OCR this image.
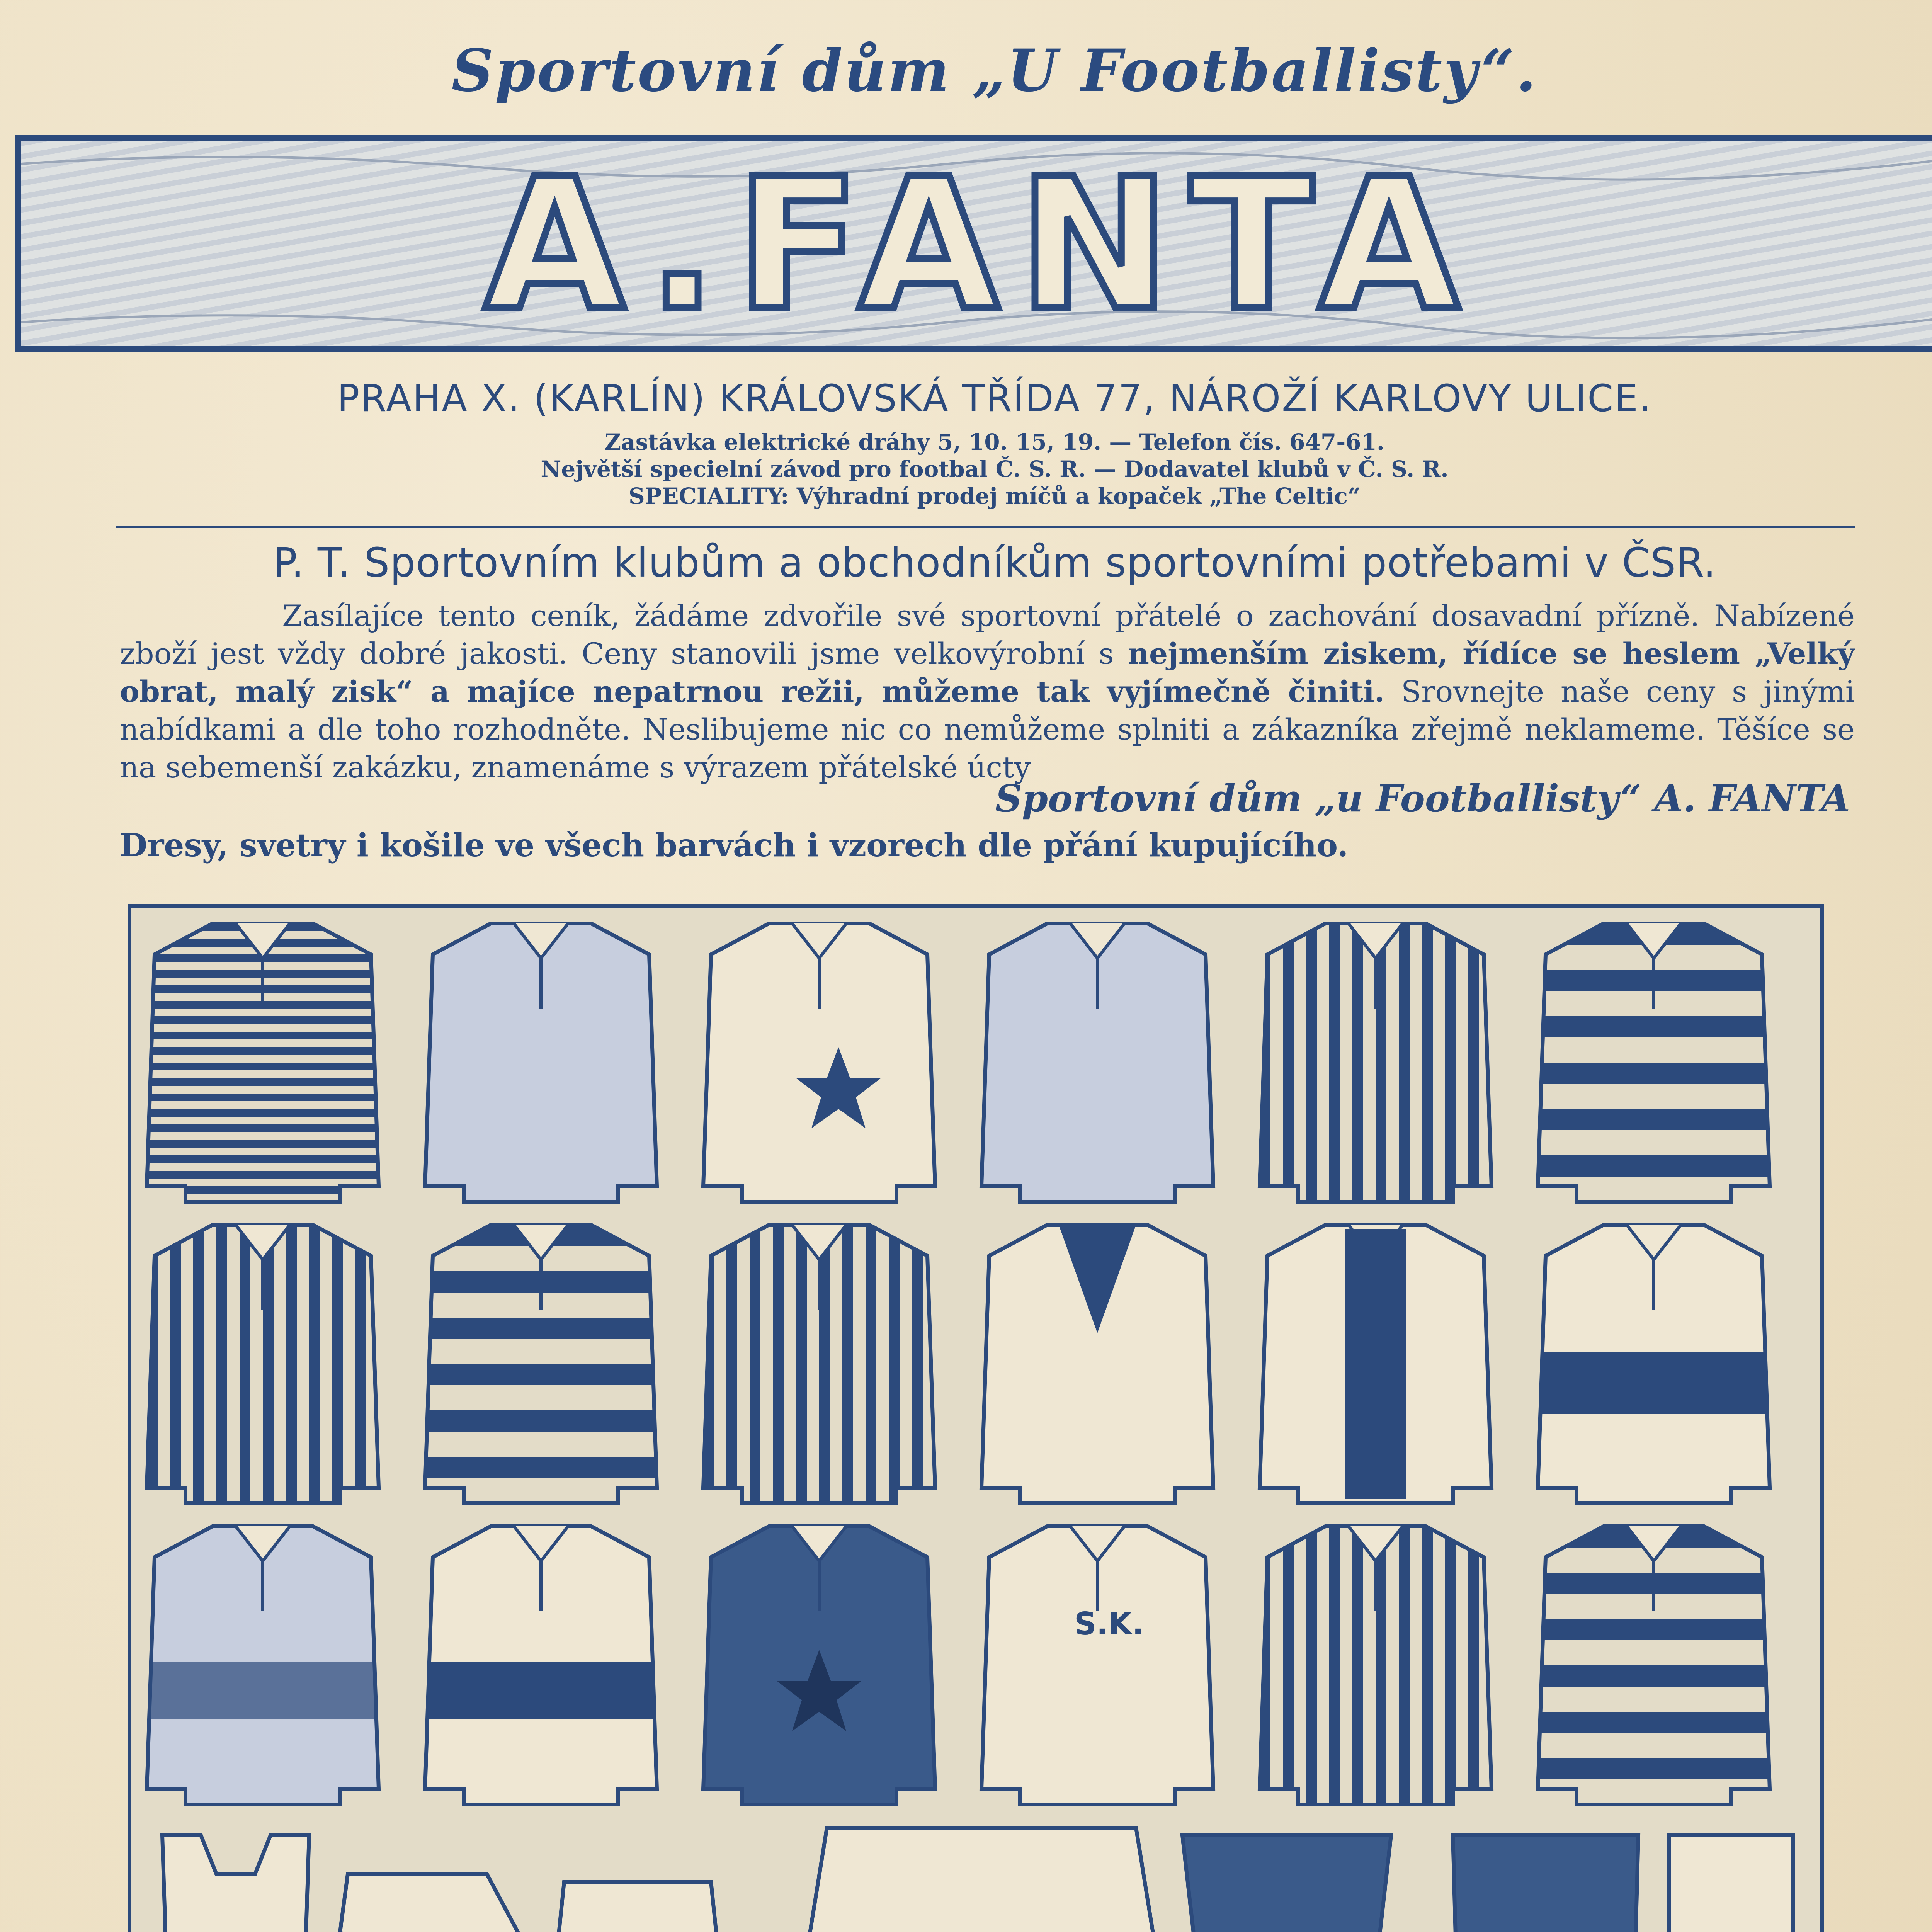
Sportovní dům „U Footballisty“.
A.FANTA
PRAHA X. (KARLÍN) KRÁLOVSKÁ TŘÍDA 77, NÁROŽÍ KARLOVY ULICE.
Zastávka elektrické dráhy 5, 10. 15, 19. — Telefon čís. 647-61.
Největší specielní závod pro footbal Č. S. R. — Dodavatel klubů v Č. S. R.
SPECIALITY: Výhradní prodej míčů a kopaček „The Celtic“
P. T. Sportovním klubům a obchodníkům sportovními potřebami v ČSR.
Zasílajíce tento ceník, žádáme zdvořile své sportovní přátelé o zachování dosavadní přízně. Nabízené zboží jest vždy dobré jakosti. Ceny stanovili jsme velkovýrobní s nejmenším ziskem, řídíce se heslem „Velký obrat, malý zisk“ a majíce nepatrnou režii, můžeme tak vyjímečně činiti. Srovnejte naše ceny s jinými nabídkami a dle toho rozhodněte. Neslibujeme nic co nemůžeme splniti a zákazníka zřejmě neklameme. Těšíce se na sebemenší zakázku, znamenáme s výrazem přátelské úcty
Sportovní dům „u Footballisty“ A. FANTA
Dresy, svetry i košile ve všech barvách i vzorech dle přání kupujícího.
S.K.
